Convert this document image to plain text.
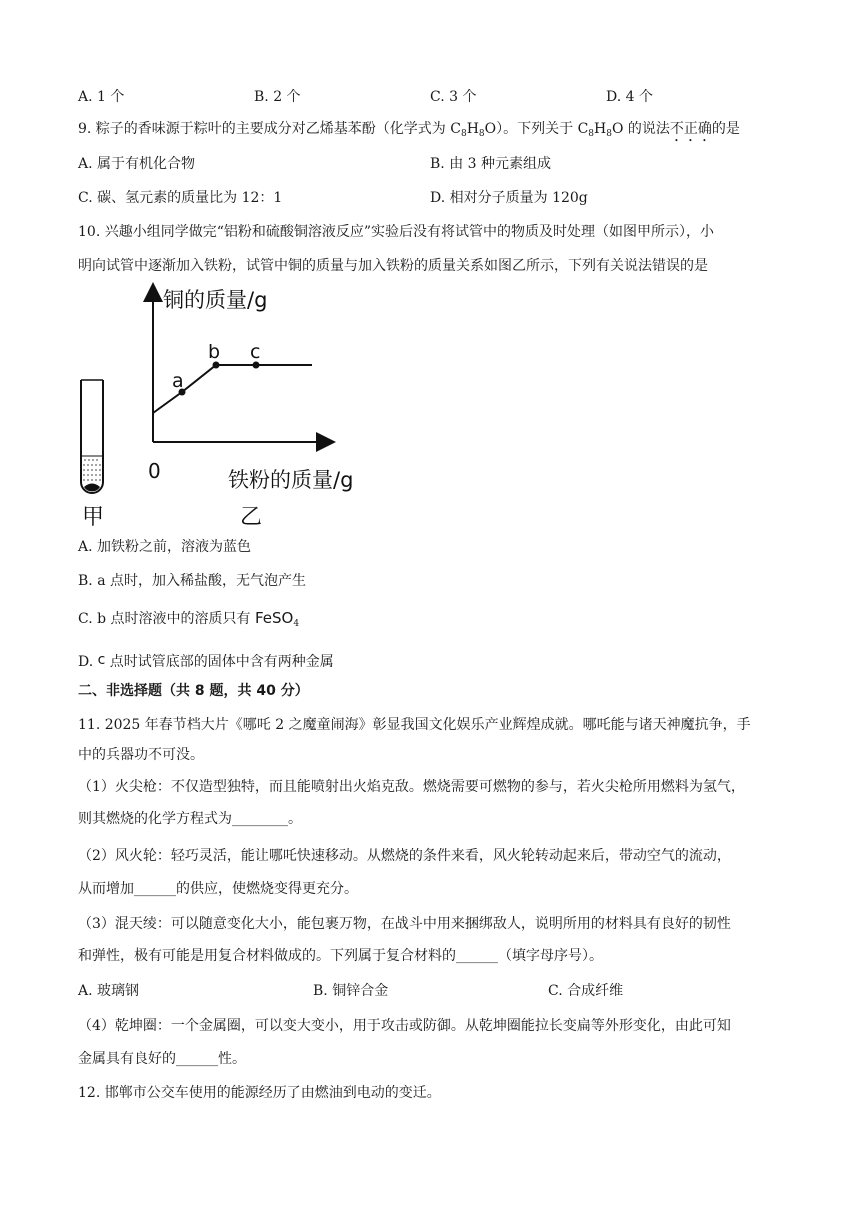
A. 1 个	B. 2 个	C. 3 个	D. 4 个
9. 粽子的香味源于粽叶的主要成分对乙烯基苯酚（化学式为 $C_8H_8O$）。下列关于 $C_8H_8O$ 的说法不正确的是
A. 属于有机化合物	B. 由 3 种元素组成
C. 碳、氢元素的质量比为 12：1	D. 相对分子质量为 120g
10. 兴趣小组同学做完“铝粉和硫酸铜溶液反应”实验后没有将试管中的物质及时处理（如图甲所示），小
明向试管中逐渐加入铁粉，试管中铜的质量与加入铁粉的质量关系如图乙所示，下列有关说法错误的是
甲
铜的质量/g
铁粉的质量/g
0
a
b c
乙
A. 加铁粉之前，溶液为蓝色
B. a 点时，加入稀盐酸，无气泡产生
C. b 点时溶液中的溶质只有 FeSO$_4$
D. c 点时试管底部的固体中含有两种金属
二、非选择题（共 8 题，共 40 分）
11. 2025 年春节档大片《哪吒 2 之魔童闹海》彰显我国文化娱乐产业辉煌成就。哪吒能与诸天神魔抗争，手
中的兵器功不可没。
（1）火尖枪：不仅造型独特，而且能喷射出火焰克敌。燃烧需要可燃物的参与，若火尖枪所用燃料为氢气，
则其燃烧的化学方程式为________。
（2）风火轮：轻巧灵活，能让哪吒快速移动。从燃烧的条件来看，风火轮转动起来后，带动空气的流动，
从而增加______的供应，使燃烧变得更充分。
（3）混天绫：可以随意变化大小，能包裹万物，在战斗中用来捆绑敌人，说明所用的材料具有良好的韧性
和弹性，极有可能是用复合材料做成的。下列属于复合材料的______（填字母序号）。
A. 玻璃钢	B. 铜锌合金	C. 合成纤维
（4）乾坤圈：一个金属圈，可以变大变小，用于攻击或防御。从乾坤圈能拉长变扁等外形变化，由此可知
金属具有良好的______性。
12. 邯郸市公交车使用的能源经历了由燃油到电动的变迁。
